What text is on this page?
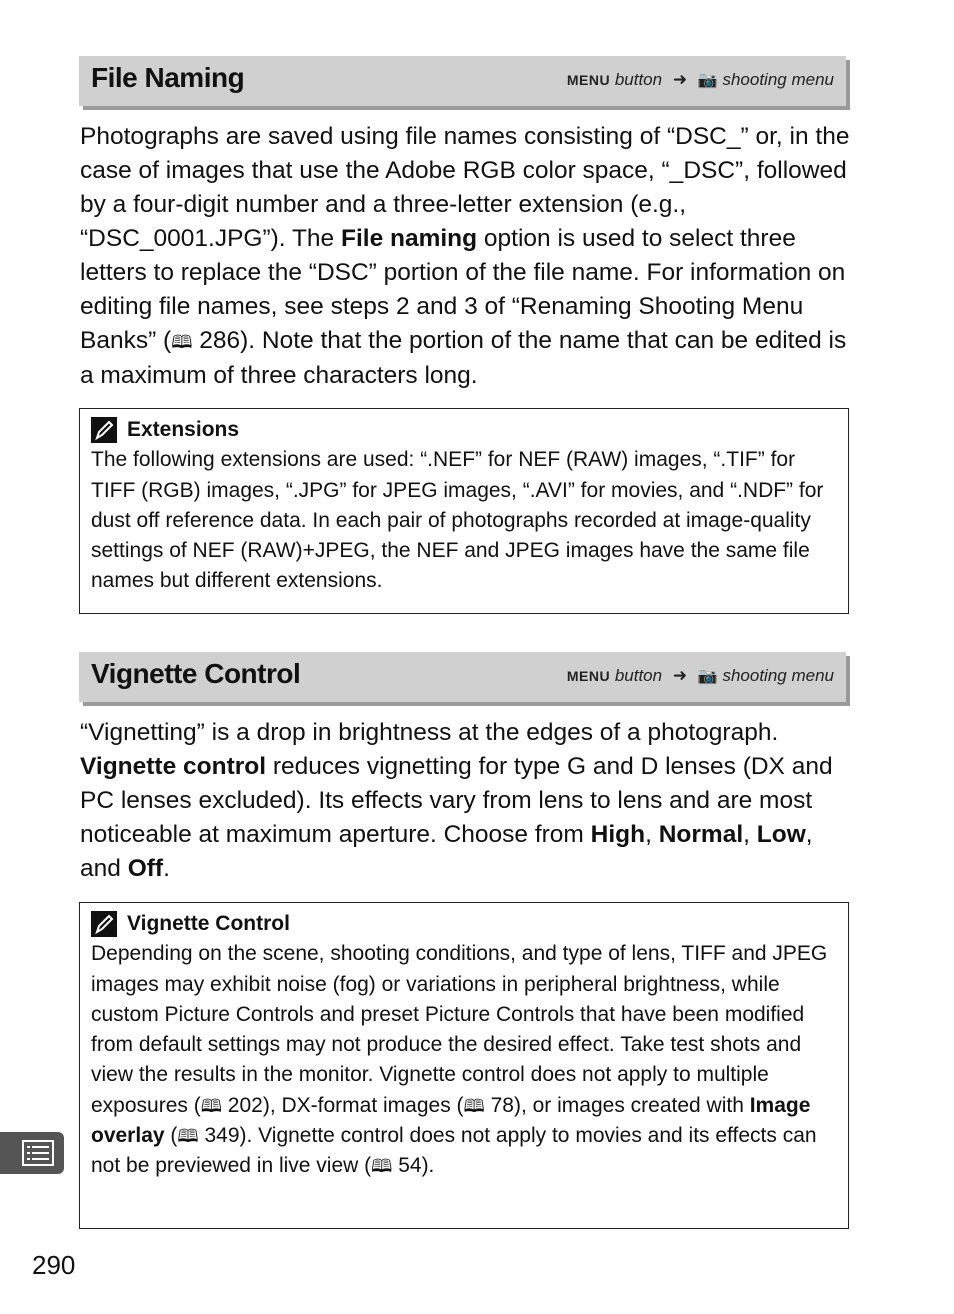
File Naming	MENU button ➜ 📷 shooting menu
Photographs are saved using file names consisting of “DSC_” or, in the case of images that use the Adobe RGB color space, “_DSC”, followed by a four-digit number and a three-letter extension (e.g., “DSC_0001.JPG”). The File naming option is used to select three letters to replace the “DSC” portion of the file name. For information on editing file names, see steps 2 and 3 of “Renaming Shooting Menu Banks” (🕮 286). Note that the portion of the name that can be edited is a maximum of three characters long.
Extensions
The following extensions are used: “.NEF” for NEF (RAW) images, “.TIF” for TIFF (RGB) images, “.JPG” for JPEG images, “.AVI” for movies, and “.NDF” for dust off reference data. In each pair of photographs recorded at image-quality settings of NEF (RAW)+JPEG, the NEF and JPEG images have the same file names but different extensions.
Vignette Control	MENU button ➜ 📷 shooting menu
“Vignetting” is a drop in brightness at the edges of a photograph. Vignette control reduces vignetting for type G and D lenses (DX and PC lenses excluded). Its effects vary from lens to lens and are most noticeable at maximum aperture. Choose from High, Normal, Low, and Off.
Vignette Control
Depending on the scene, shooting conditions, and type of lens, TIFF and JPEG images may exhibit noise (fog) or variations in peripheral brightness, while custom Picture Controls and preset Picture Controls that have been modified from default settings may not produce the desired effect. Take test shots and view the results in the monitor. Vignette control does not apply to multiple exposures (🕮 202), DX-format images (🕮 78), or images created with Image overlay (🕮 349). Vignette control does not apply to movies and its effects can not be previewed in live view (🕮 54).
290
